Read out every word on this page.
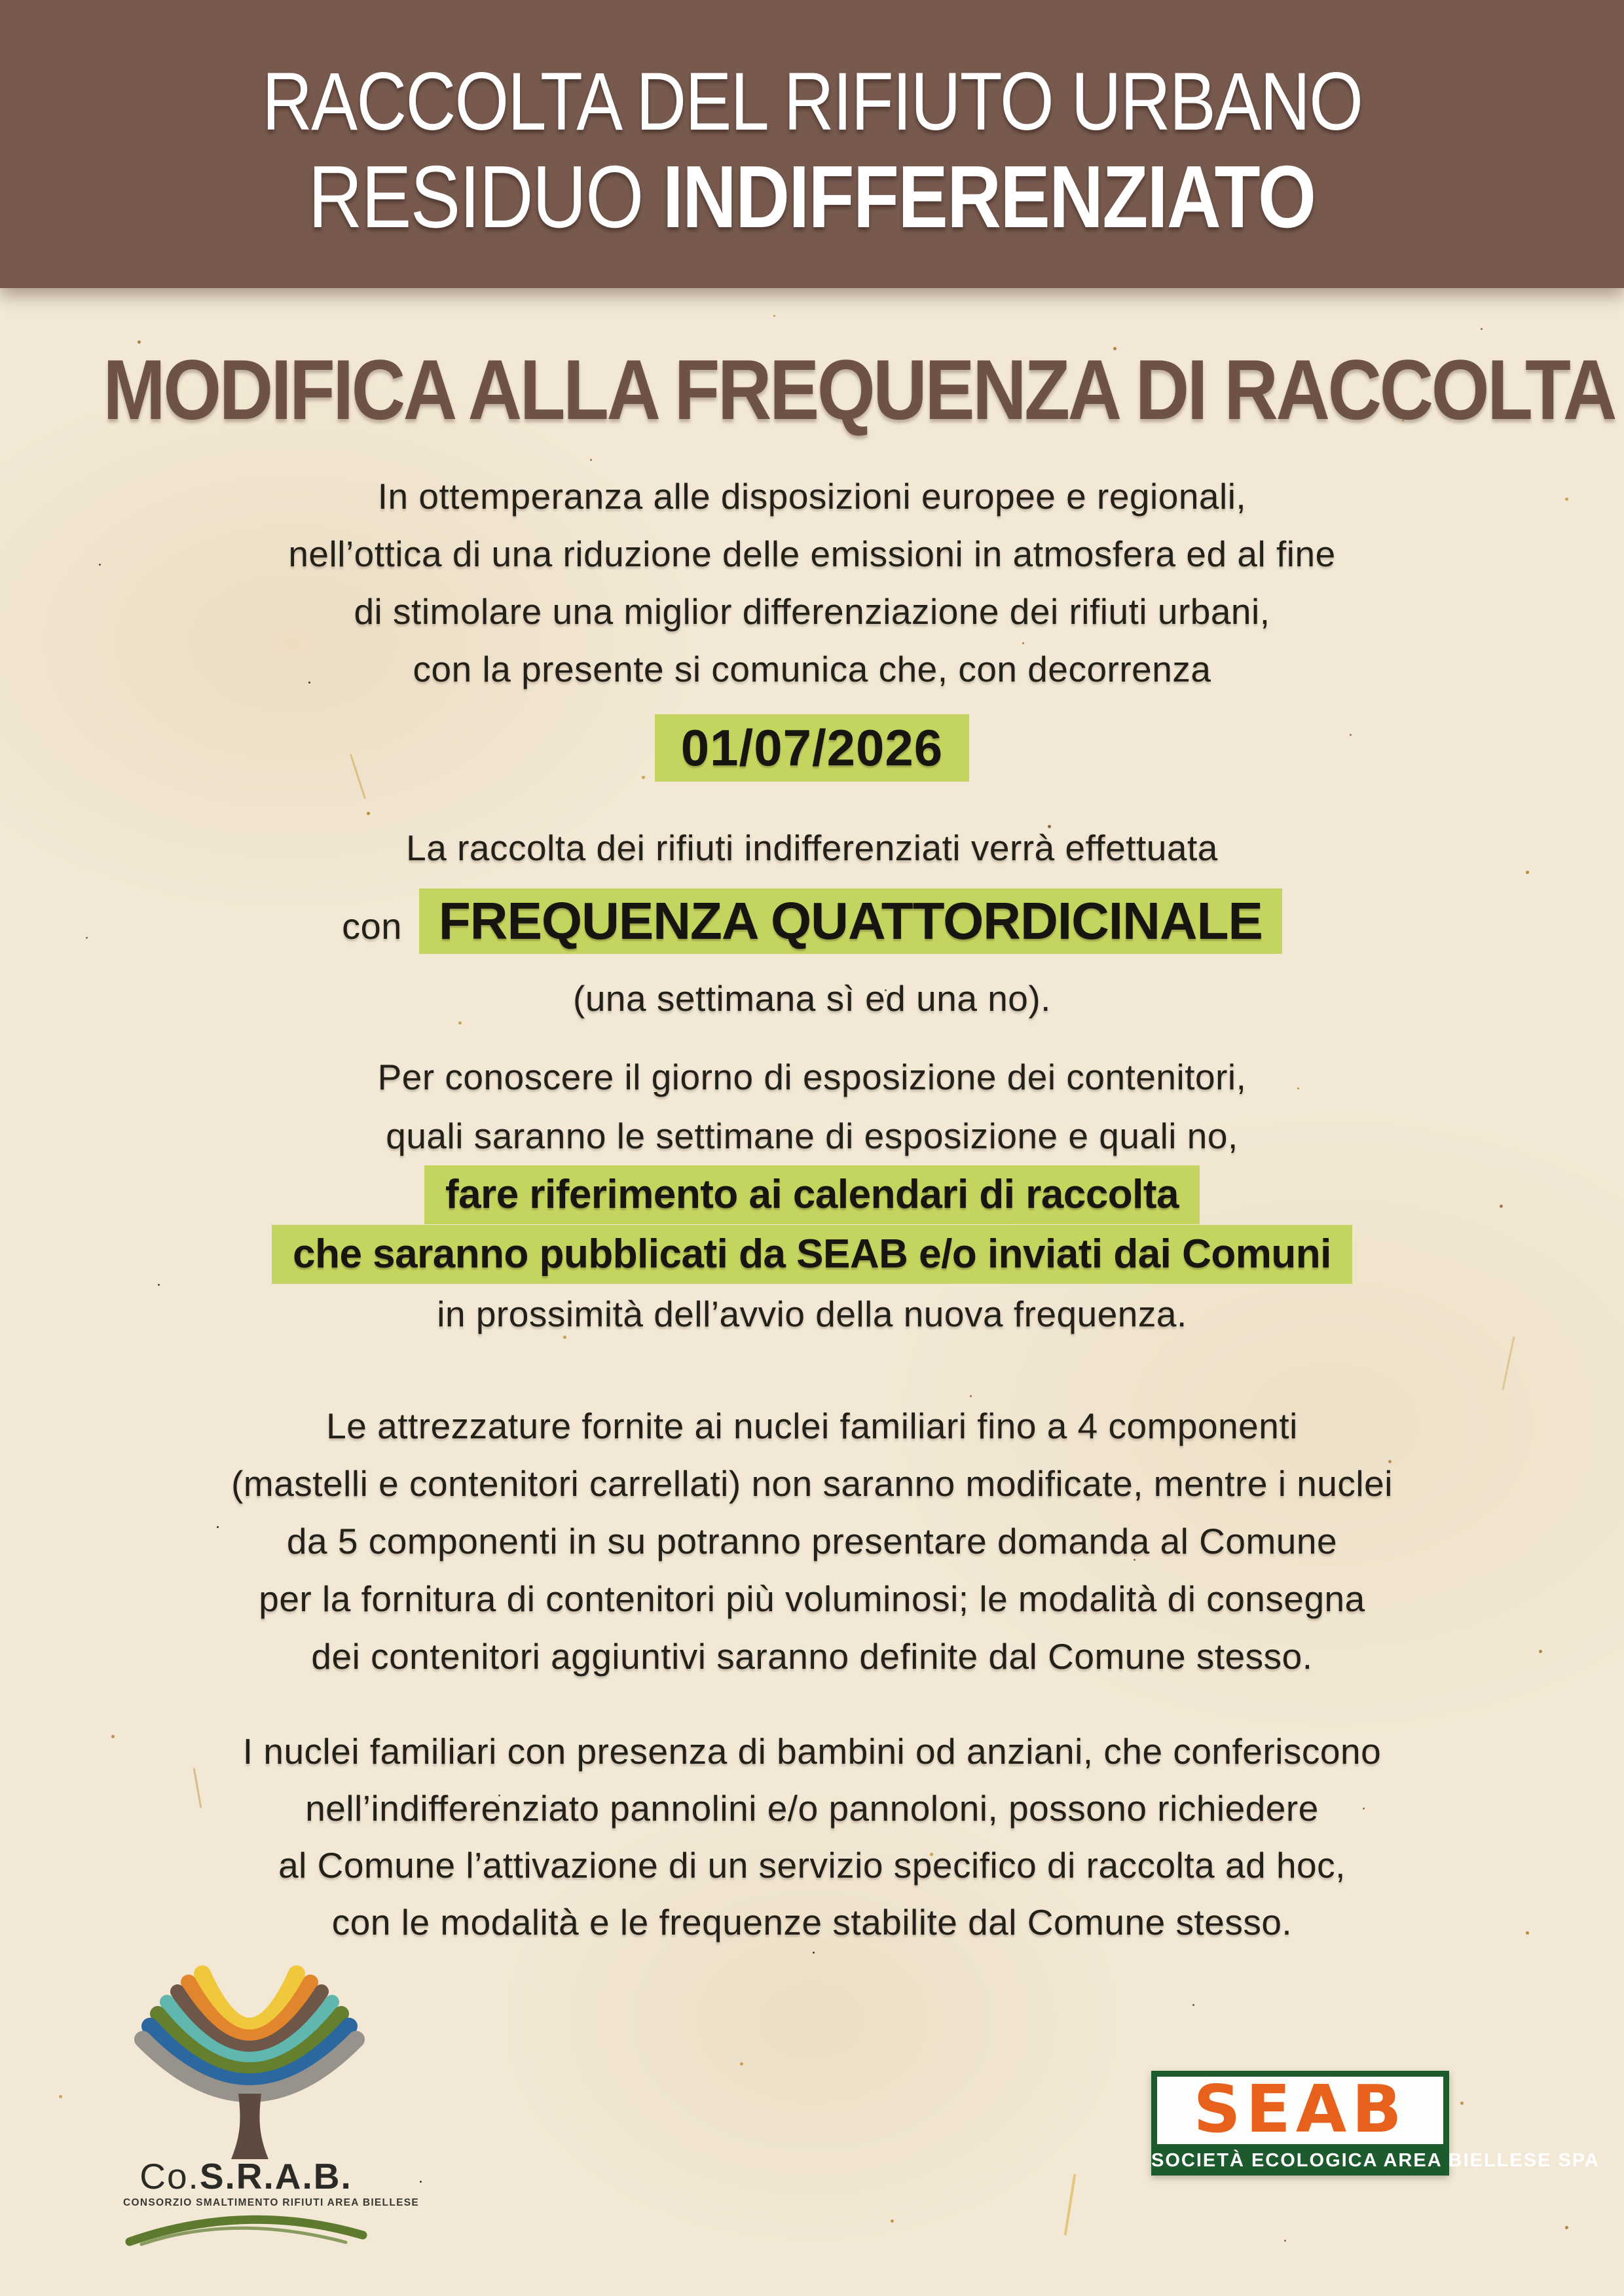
RACCOLTA DEL RIFIUTO URBANO
RESIDUO INDIFFERENZIATO
MODIFICA ALLA FREQUENZA DI RACCOLTA
In ottemperanza alle disposizioni europee e regionali,
nell’ottica di una riduzione delle emissioni in atmosfera ed al fine
di stimolare una miglior differenziazione dei rifiuti urbani,
con la presente si comunica che, con decorrenza
01/07/2026
La raccolta dei rifiuti indifferenziati verrà effettuata
con FREQUENZA QUATTORDICINALE
(una settimana sì ed una no).
Per conoscere il giorno di esposizione dei contenitori,
quali saranno le settimane di esposizione e quali no,
fare riferimento ai calendari di raccolta
che saranno pubblicati da SEAB e/o inviati dai Comuni
in prossimità dell’avvio della nuova frequenza.
Le attrezzature fornite ai nuclei familiari fino a 4 componenti
(mastelli e contenitori carrellati) non saranno modificate, mentre i nuclei
da 5 componenti in su potranno presentare domanda al Comune
per la fornitura di contenitori più voluminosi; le modalità di consegna
dei contenitori aggiuntivi saranno definite dal Comune stesso.
I nuclei familiari con presenza di bambini od anziani, che conferiscono
nell’indifferenziato pannolini e/o pannoloni, possono richiedere
al Comune l’attivazione di un servizio specifico di raccolta ad hoc,
con le modalità e le frequenze stabilite dal Comune stesso.
Co.S.R.A.B.
CONSORZIO SMALTIMENTO RIFIUTI AREA BIELLESE
SEAB
SOCIETÀ ECOLOGICA AREA BIELLESE SPA
